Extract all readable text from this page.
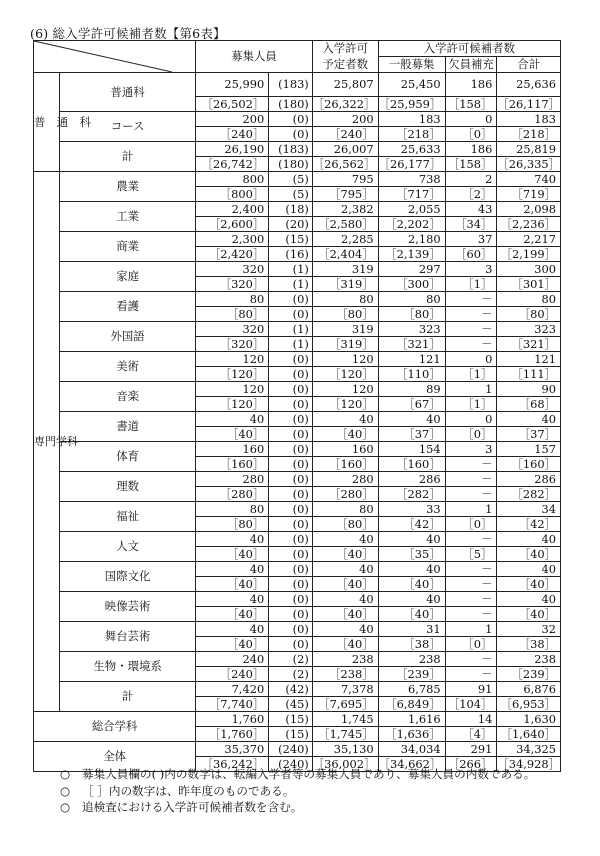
(6) 総入学許可候補者数【第6表】
	募集人員		入学許可	入学許可候補者数		
				予定者数	一般募集	欠員補充	合計
普　通　科	普通科	25,990	(183)	25,807	25,450	186	25,636
		［26,502］	(180)	［26,322］	［25,959］	［158］	［26,117］
	コース	200	(0)	200	183	0	183
		［240］	(0)	［240］	［218］	［0］	［218］
	計	26,190	(183)	26,007	25,633	186	25,819
		［26,742］	(180)	［26,562］	［26,177］	［158］	［26,335］
専門学科	農業	800	(5)	795	738	2	740
		［800］	(5)	［795］	［717］	［2］	［719］
	工業	2,400	(18)	2,382	2,055	43	2,098
		［2,600］	(20)	［2,580］	［2,202］	［34］	［2,236］
	商業	2,300	(15)	2,285	2,180	37	2,217
		［2,420］	(16)	［2,404］	［2,139］	［60］	［2,199］
	家庭	320	(1)	319	297	3	300
		［320］	(1)	［319］	［300］	［1］	［301］
	看護	80	(0)	80	80	－	80
		［80］	(0)	［80］	［80］	－	［80］
	外国語	320	(1)	319	323	－	323
		［320］	(1)	［319］	［321］	－	［321］
	美術	120	(0)	120	121	0	121
		［120］	(0)	［120］	［110］	［1］	［111］
	音楽	120	(0)	120	89	1	90
		［120］	(0)	［120］	［67］	［1］	［68］
	書道	40	(0)	40	40	0	40
		［40］	(0)	［40］	［37］	［0］	［37］
	体育	160	(0)	160	154	3	157
		［160］	(0)	［160］	［160］	－	［160］
	理数	280	(0)	280	286	－	286
		［280］	(0)	［280］	［282］	－	［282］
	福祉	80	(0)	80	33	1	34
		［80］	(0)	［80］	［42］	［0］	［42］
	人文	40	(0)	40	40	－	40
		［40］	(0)	［40］	［35］	［5］	［40］
	国際文化	40	(0)	40	40	－	40
		［40］	(0)	［40］	［40］	－	［40］
	映像芸術	40	(0)	40	40	－	40
		［40］	(0)	［40］	［40］	－	［40］
	舞台芸術	40	(0)	40	31	1	32
		［40］	(0)	［40］	［38］	［0］	［38］
	生物・環境系	240	(2)	238	238	－	238
		［240］	(2)	［238］	［239］	－	［239］
	計	7,420	(42)	7,378	6,785	91	6,876
		［7,740］	(45)	［7,695］	［6,849］	［104］	［6,953］
総合学科		1,760	(15)	1,745	1,616	14	1,630
		［1,760］	(15)	［1,745］	［1,636］	［4］	［1,640］
全体		35,370	(240)	35,130	34,034	291	34,325
		［36,242］	(240)	［36,002］	［34,662］	［266］	［34,928］
○ 募集人員欄の( )内の数字は、転編入学者等の募集人員であり、募集人員の内数である。
○ ［ ］内の数字は、昨年度のものである。
○ 追検査における入学許可候補者数を含む。
